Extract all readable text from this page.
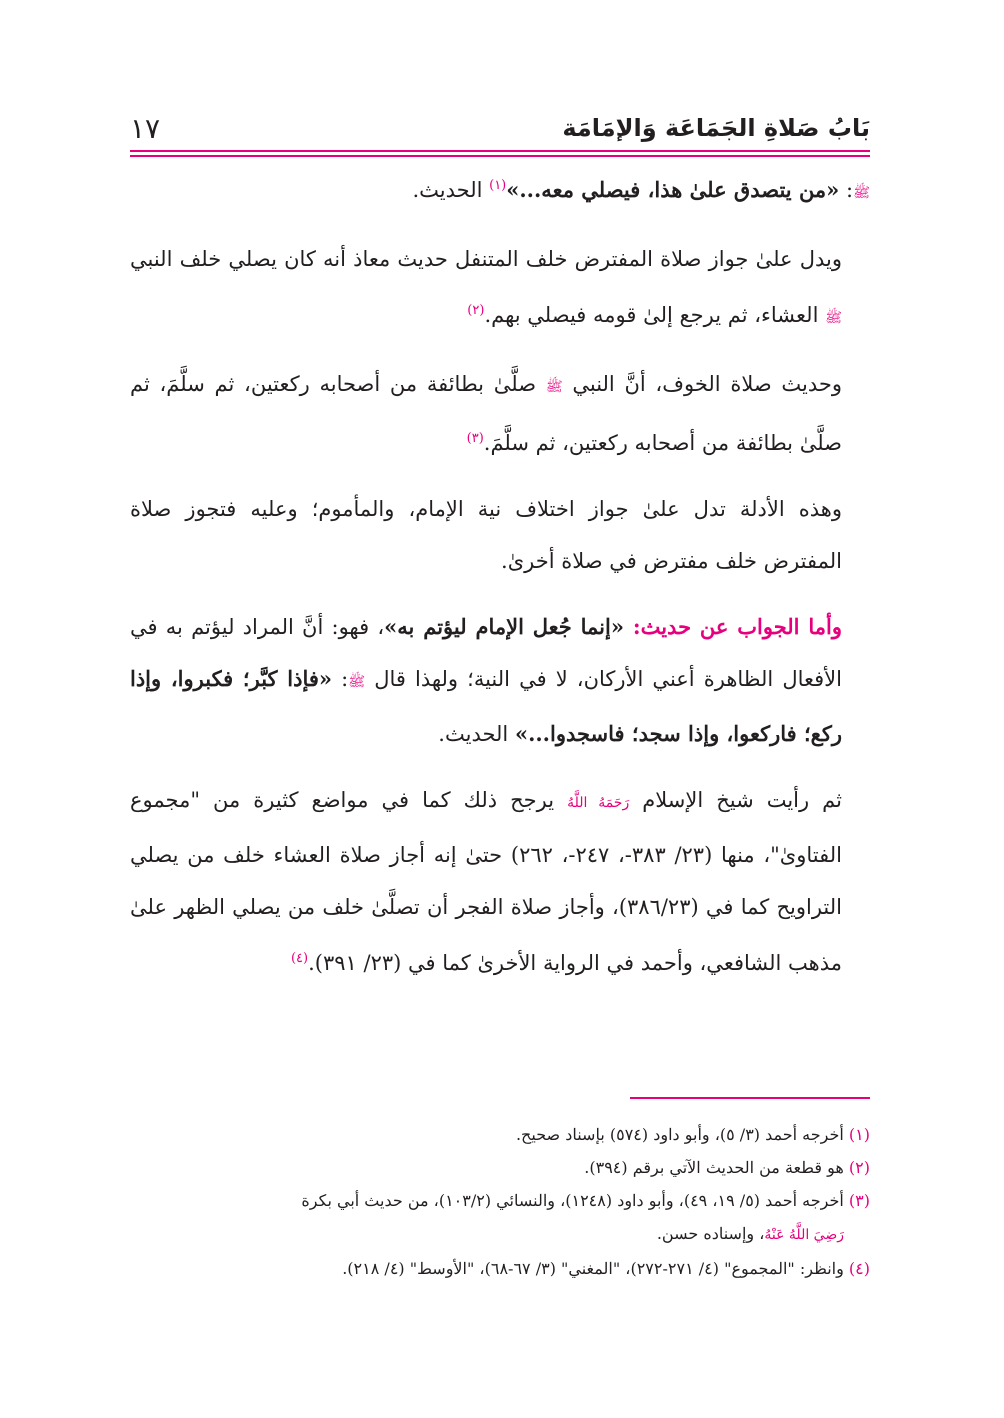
١٧	بَابُ صَلاةِ الجَمَاعَة وَالإمَامَة

ﷺ: «من يتصدق علىٰ هذا، فيصلي معه...»$^{(١)}$ الحديث.

ويدل علىٰ جواز صلاة المفترض خلف المتنفل حديث معاذ أنه كان يصلي خلف النبي ﷺ العشاء، ثم يرجع إلىٰ قومه فيصلي بهم.$^{(٢)}$

وحديث صلاة الخوف، أنَّ النبي ﷺ صلَّىٰ بطائفة من أصحابه ركعتين، ثم سلَّمَ، ثم صلَّىٰ بطائفة من أصحابه ركعتين، ثم سلَّمَ.$^{(٣)}$

وهذه الأدلة تدل علىٰ جواز اختلاف نية الإمام، والمأموم؛ وعليه فتجوز صلاة المفترض خلف مفترض في صلاة أخرىٰ.

وأما الجواب عن حديث: «إنما جُعل الإمام ليؤتم به»، فهو: أنَّ المراد ليؤتم به في الأفعال الظاهرة أعني الأركان، لا في النية؛ ولهذا قال ﷺ: «فإذا كبَّر؛ فكبروا، وإذا ركع؛ فاركعوا، وإذا سجد؛ فاسجدوا...» الحديث.

ثم رأيت شيخ الإسلام رَحَمَهُ اللَّهُ يرجح ذلك كما في مواضع كثيرة من "مجموع الفتاوىٰ"، منها (٢٣/ ٣٨٣-، ٢٤٧-، ٢٦٢) حتىٰ إنه أجاز صلاة العشاء خلف من يصلي التراويح كما في (٣٨٦/٢٣)، وأجاز صلاة الفجر أن تصلَّىٰ خلف من يصلي الظهر علىٰ مذهب الشافعي، وأحمد في الرواية الأخرىٰ كما في (٢٣/ ٣٩١).$^{(٤)}$

(١) أخرجه أحمد (٣/ ٥)، وأبو داود (٥٧٤) بإسناد صحيح.

(٢) هو قطعة من الحديث الآتي برقم (٣٩٤).

(٣) أخرجه أحمد (٥/ ١٩، ٤٩)، وأبو داود (١٢٤٨)، والنسائي (١٠٣/٢)، من حديث أبي بكرة

رَضِيَ اللَّهُ عَنْهُ، وإسناده حسن.

(٤) وانظر: "المجموع" (٤/ ٢٧١-٢٧٢)، "المغني" (٣/ ٦٧-٦٨)، "الأوسط" (٤/ ٢١٨).
